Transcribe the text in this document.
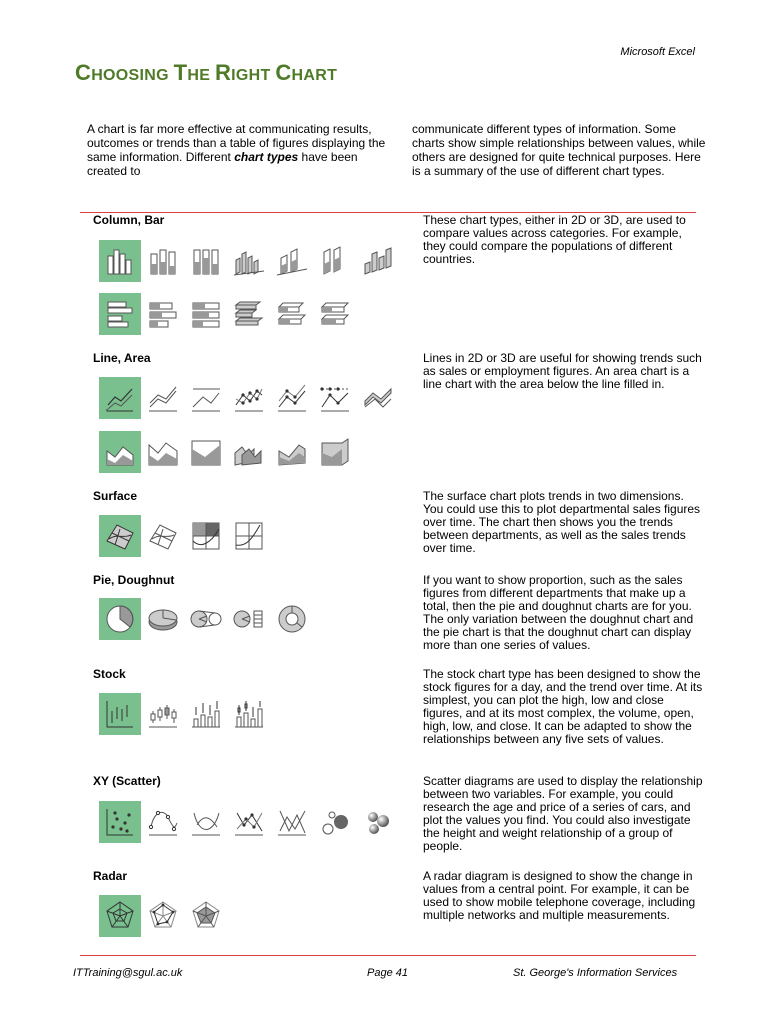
Microsoft Excel
CHOOSING THE RIGHT CHART
A chart is far more effective at communicating results, outcomes or trends than a table of figures displaying the same information. Different chart types have been created to
communicate different types of information. Some charts show simple relationships between values, while others are designed for quite technical purposes. Here is a summary of the use of different chart types.
Column, Bar	These chart types, either in 2D or 3D, are used to compare values across categories. For example, they could compare the populations of different countries.
Line, Area	Lines in 2D or 3D are useful for showing trends such as sales or employment figures. An area chart is a line chart with the area below the line filled in.
Surface	The surface chart plots trends in two dimensions. You could use this to plot departmental sales figures over time. The chart then shows you the trends between departments, as well as the sales trends over time.
Pie, Doughnut	If you want to show proportion, such as the sales figures from different departments that make up a total, then the pie and doughnut charts are for you. The only variation between the doughnut chart and the pie chart is that the doughnut chart can display more than one series of values.
Stock	The stock chart type has been designed to show the stock figures for a day, and the trend over time. At its simplest, you can plot the high, low and close figures, and at its most complex, the volume, open, high, low, and close. It can be adapted to show the relationships between any five sets of values.
XY (Scatter)	Scatter diagrams are used to display the relationship between two variables. For example, you could research the age and price of a series of cars, and plot the values you find. You could also investigate the height and weight relationship of a group of people.
Radar	A radar diagram is designed to show the change in values from a central point. For example, it can be used to show mobile telephone coverage, including multiple networks and multiple measurements.
ITTraining@sgul.ac.uk	Page 41	St. George's Information Services
